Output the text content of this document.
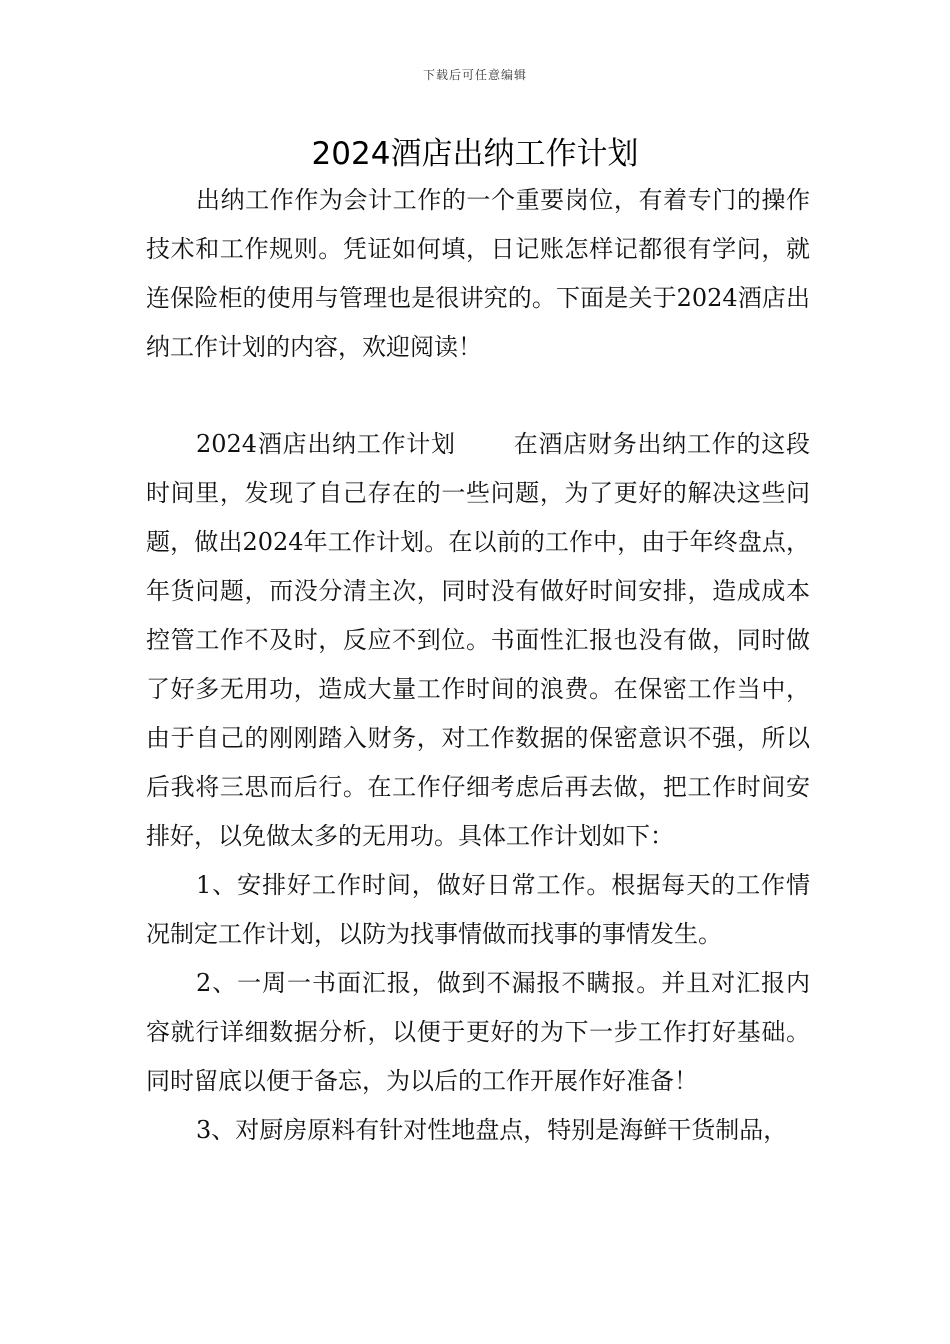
下载后可任意编辑
2024酒店出纳工作计划

出纳工作作为会计工作的一个重要岗位，有着专门的操作技术和工作规则。凭证如何填，日记账怎样记都很有学问，就连保险柜的使用与管理也是很讲究的。下面是关于2024酒店出纳工作计划的内容，欢迎阅读！

2024酒店出纳工作计划 在酒店财务出纳工作的这段时间里，发现了自己存在的一些问题，为了更好的解决这些问题，做出2024年工作计划。在以前的工作中，由于年终盘点，年货问题，而没分清主次，同时没有做好时间安排，造成成本控管工作不及时，反应不到位。书面性汇报也没有做，同时做了好多无用功，造成大量工作时间的浪费。在保密工作当中，由于自己的刚刚踏入财务，对工作数据的保密意识不强，所以后我将三思而后行。在工作仔细考虑后再去做，把工作时间安排好，以免做太多的无用功。具体工作计划如下：

1、安排好工作时间，做好日常工作。根据每天的工作情况制定工作计划，以防为找事情做而找事的事情发生。

2、一周一书面汇报，做到不漏报不瞒报。并且对汇报内容就行详细数据分析，以便于更好的为下一步工作打好基础。同时留底以便于备忘，为以后的工作开展作好准备！

3、对厨房原料有针对性地盘点，特别是海鲜干货制品，
